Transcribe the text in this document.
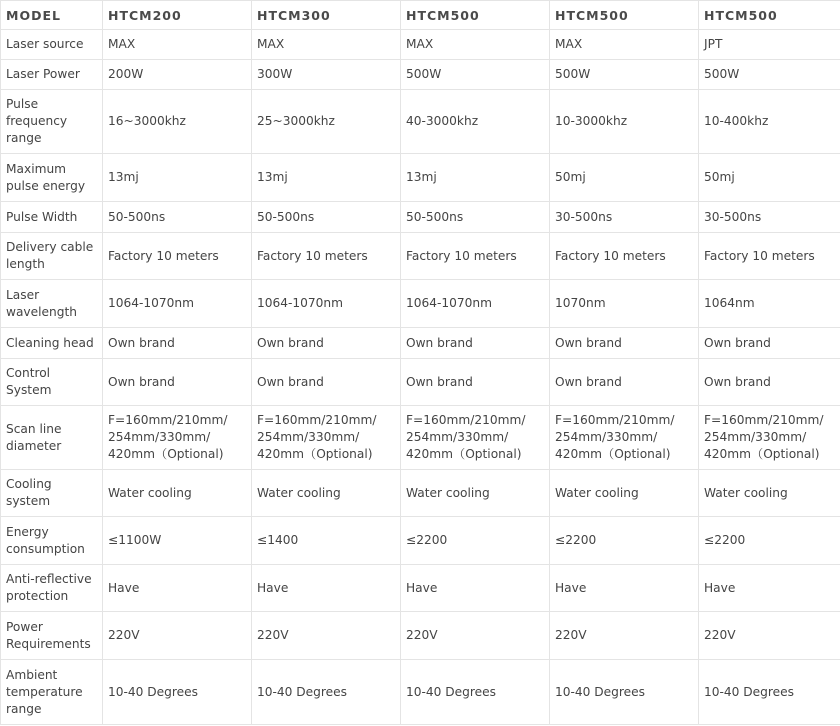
MODEL	HTCM200	HTCM300	HTCM500	HTCM500	HTCM500
Laser source	MAX	MAX	MAX	MAX	JPT
Laser Power	200W	300W	500W	500W	500W
Pulse
frequency
range	16~3000khz	25~3000khz	40-3000khz	10-3000khz	10-400khz
Maximum
pulse energy	13mj	13mj	13mj	50mj	50mj
Pulse Width	50-500ns	50-500ns	50-500ns	30-500ns	30-500ns
Delivery cable
length	Factory 10 meters	Factory 10 meters	Factory 10 meters	Factory 10 meters	Factory 10 meters
Laser
wavelength	1064-1070nm	1064-1070nm	1064-1070nm	1070nm	1064nm
Cleaning head	Own brand	Own brand	Own brand	Own brand	Own brand
Control
System	Own brand	Own brand	Own brand	Own brand	Own brand
Scan line
diameter	F=160mm/210mm/
254mm/330mm/
420mm（Optional)	F=160mm/210mm/
254mm/330mm/
420mm（Optional)	F=160mm/210mm/
254mm/330mm/
420mm（Optional)	F=160mm/210mm/
254mm/330mm/
420mm（Optional)	F=160mm/210mm/
254mm/330mm/
420mm（Optional)
Cooling
system	Water cooling	Water cooling	Water cooling	Water cooling	Water cooling
Energy
consumption	≤1100W	≤1400	≤2200	≤2200	≤2200
Anti-reflective
protection	Have	Have	Have	Have	Have
Power
Requirements	220V	220V	220V	220V	220V
Ambient
temperature
range	10-40 Degrees	10-40 Degrees	10-40 Degrees	10-40 Degrees	10-40 Degrees
